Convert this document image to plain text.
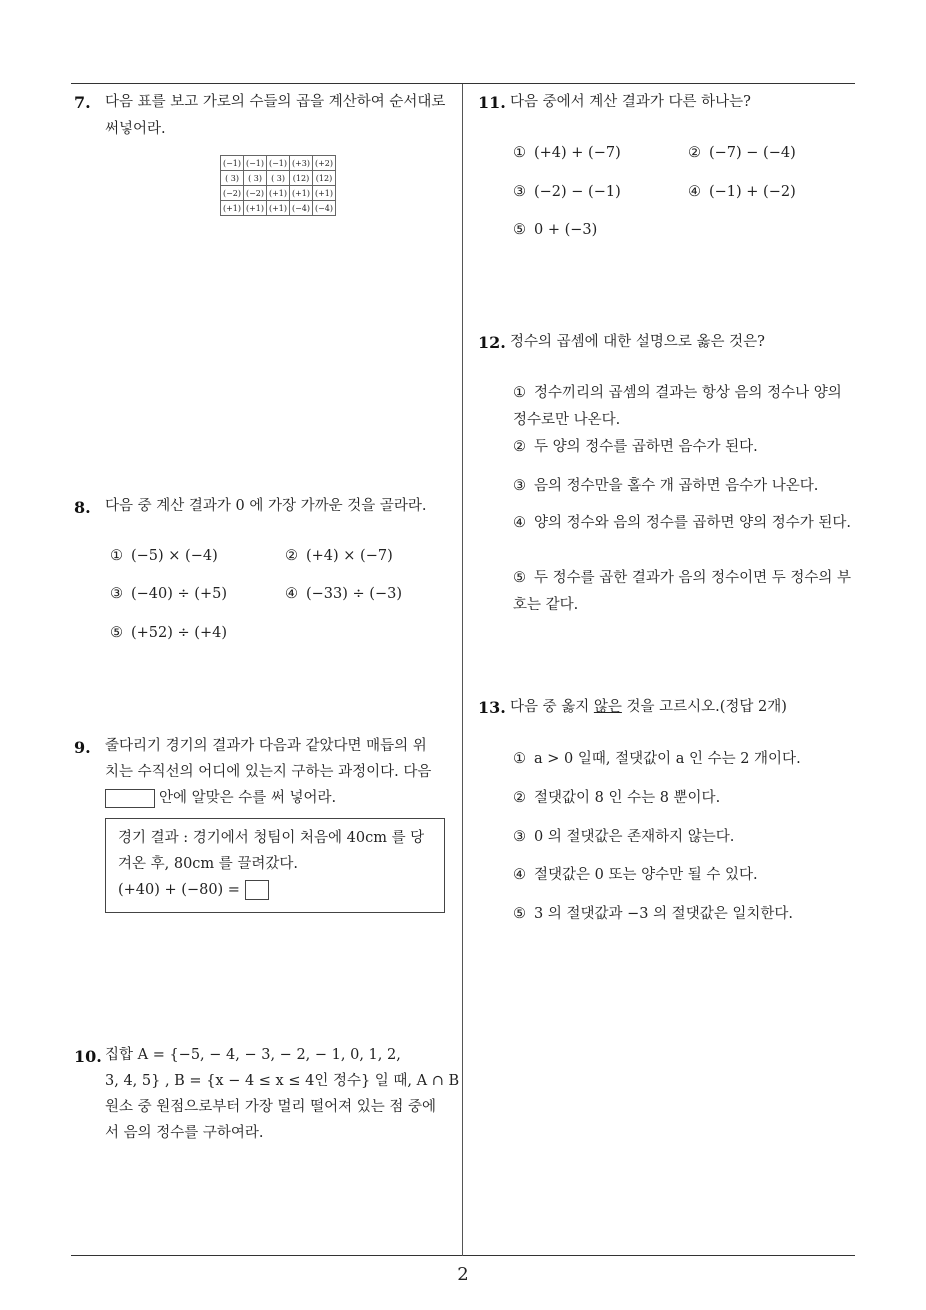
7. 다음 표를 보고 가로의 수들의 곱을 계산하여 순서대로 써넣어라.
(−1)	(−1)	(−1)	(+3)	(+2)
( 3)	( 3)	( 3)	(12)	(12)
(−2)	(−2)	(+1)	(+1)	(+1)
(+1)	(+1)	(+1)	(−4)	(−4)
8. 다음 중 계산 결과가 0 에 가장 가까운 것을 골라라.
① (−5) × (−4)	② (+4) × (−7)
③ (−40) ÷ (+5)	④ (−33) ÷ (−3)
⑤ (+52) ÷ (+4)
9. 줄다리기 경기의 결과가 다음과 같았다면 매듭의 위
치는 수직선의 어디에 있는지 구하는 과정이다. 다음
안에 알맞은 수를 써 넣어라.
경기 결과 : 경기에서 청팀이 처음에 40cm 를 당
겨온 후, 80cm 를 끌려갔다.
(+40) + (−80) =
10. 집합 A = {−5, − 4, − 3, − 2, − 1, 0, 1, 2,
3, 4, 5} , B = {x − 4 ≤ x ≤ 4인 정수} 일 때, A ∩ B
원소 중 원점으로부터 가장 멀리 떨어져 있는 점 중에
서 음의 정수를 구하여라.
11. 다음 중에서 계산 결과가 다른 하나는?
① (+4) + (−7)	② (−7) − (−4)
③ (−2) − (−1)	④ (−1) + (−2)
⑤ 0 + (−3)
12. 정수의 곱셈에 대한 설명으로 옳은 것은?
① 정수끼리의 곱셈의 결과는 항상 음의 정수나 양의 정수로만 나온다.
② 두 양의 정수를 곱하면 음수가 된다.
③ 음의 정수만을 홀수 개 곱하면 음수가 나온다.
④ 양의 정수와 음의 정수를 곱하면 양의 정수가 된다.
⑤ 두 정수를 곱한 결과가 음의 정수이면 두 정수의 부호는 같다.
13. 다음 중 옳지 않은 것을 고르시오.(정답 2개)
① a > 0 일때, 절댓값이 a 인 수는 2 개이다.
② 절댓값이 8 인 수는 8 뿐이다.
③ 0 의 절댓값은 존재하지 않는다.
④ 절댓값은 0 또는 양수만 될 수 있다.
⑤ 3 의 절댓값과 −3 의 절댓값은 일치한다.
2
